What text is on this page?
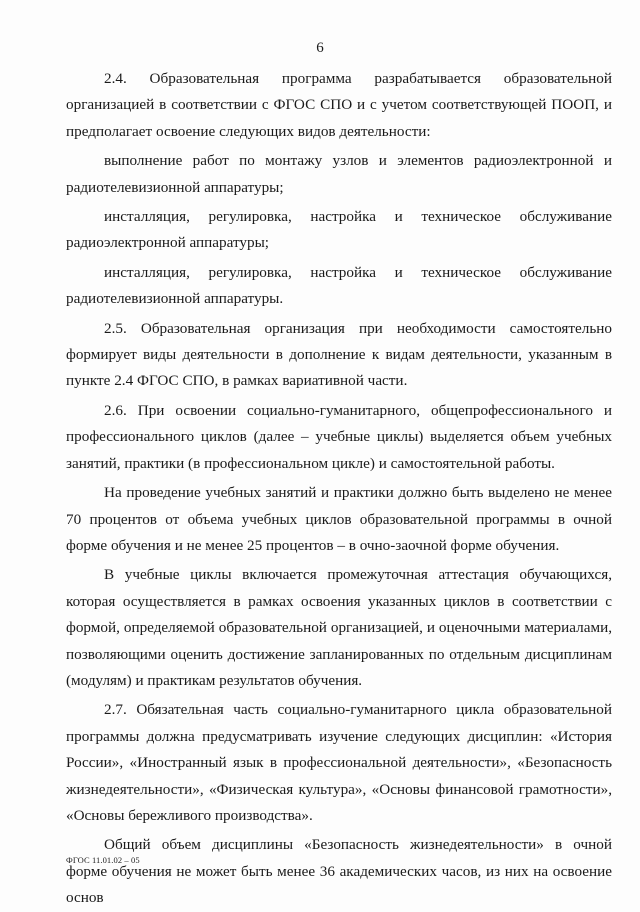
6

2.4. Образовательная программа разрабатывается образовательной организацией в соответствии с ФГОС СПО и с учетом соответствующей ПООП, и предполагает освоение следующих видов деятельности:

выполнение работ по монтажу узлов и элементов радиоэлектронной и радиотелевизионной аппаратуры;

инсталляция, регулировка, настройка и техническое обслуживание радиоэлектронной аппаратуры;

инсталляция, регулировка, настройка и техническое обслуживание радиотелевизионной аппаратуры.

2.5. Образовательная организация при необходимости самостоятельно формирует виды деятельности в дополнение к видам деятельности, указанным в пункте 2.4 ФГОС СПО, в рамках вариативной части.

2.6. При освоении социально-гуманитарного, общепрофессионального и профессионального циклов (далее – учебные циклы) выделяется объем учебных занятий, практики (в профессиональном цикле) и самостоятельной работы.

На проведение учебных занятий и практики должно быть выделено не менее 70 процентов от объема учебных циклов образовательной программы в очной форме обучения и не менее 25 процентов – в очно-заочной форме обучения.

В учебные циклы включается промежуточная аттестация обучающихся, которая осуществляется в рамках освоения указанных циклов в соответствии с формой, определяемой образовательной организацией, и оценочными материалами, позволяющими оценить достижение запланированных по отдельным дисциплинам (модулям) и практикам результатов обучения.

2.7. Обязательная часть социально-гуманитарного цикла образовательной программы должна предусматривать изучение следующих дисциплин: «История России», «Иностранный язык в профессиональной деятельности», «Безопасность жизнедеятельности», «Физическая культура», «Основы финансовой грамотности», «Основы бережливого производства».

Общий объем дисциплины «Безопасность жизнедеятельности» в очной форме обучения не может быть менее 36 академических часов, из них на освоение основ

ФГОС 11.01.02 – 05
